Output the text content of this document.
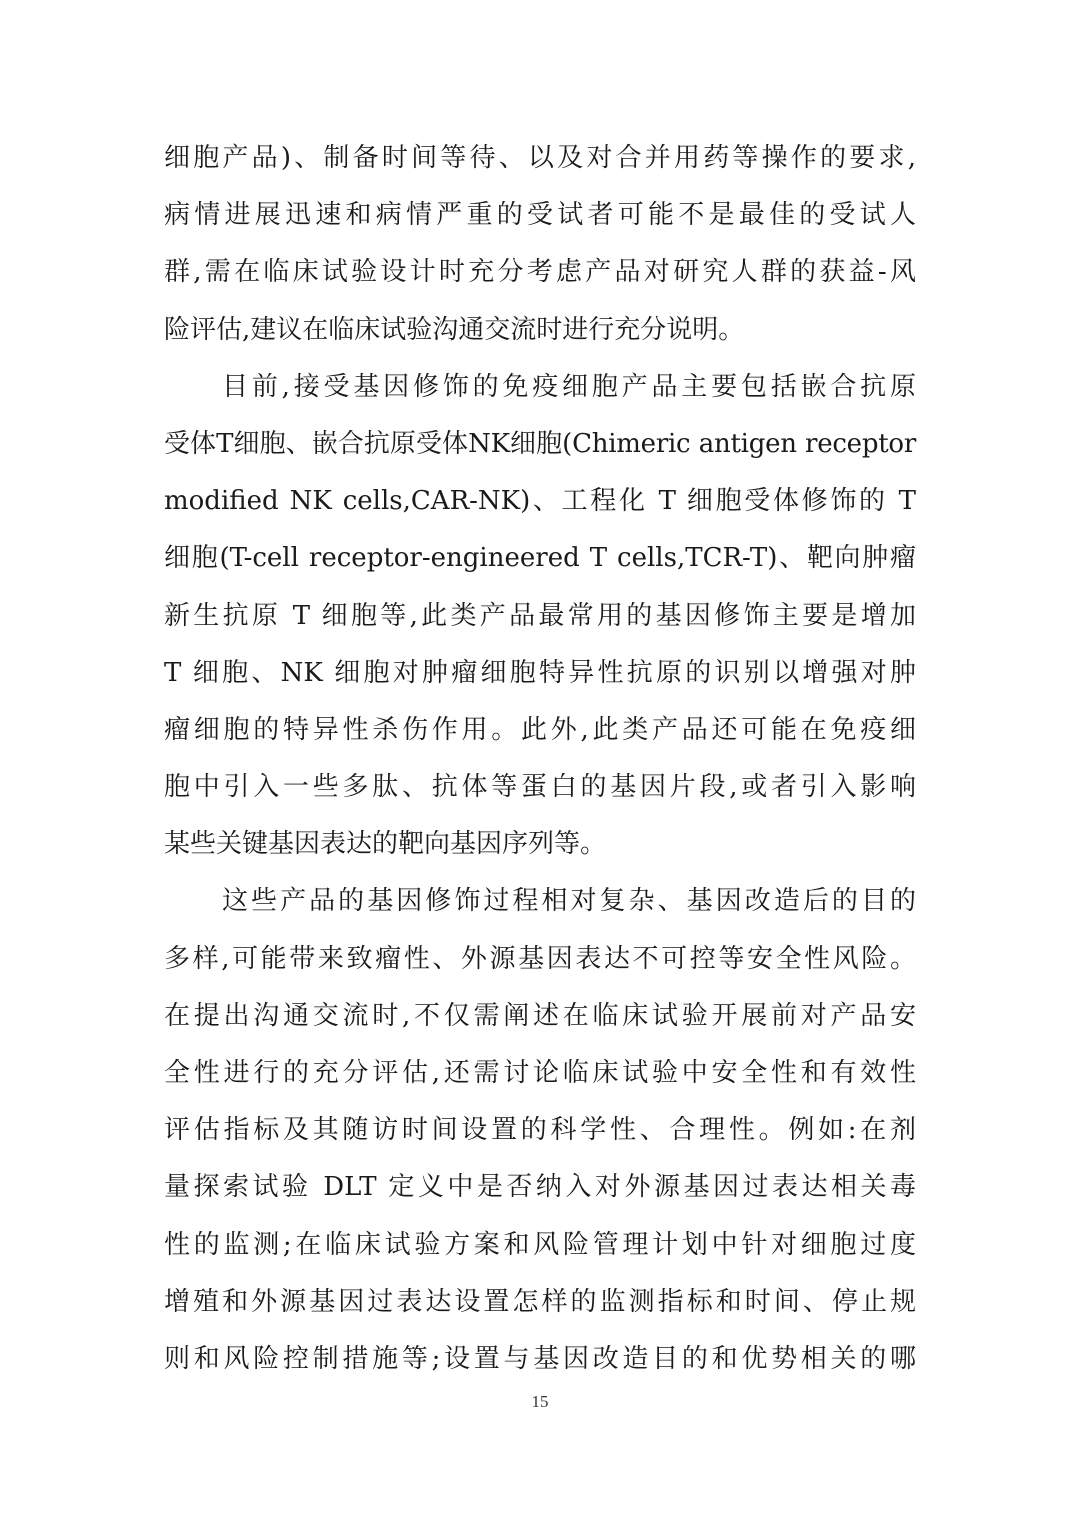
细胞产品)、制备时间等待、以及对合并用药等操作的要求,
病情进展迅速和病情严重的受试者可能不是最佳的受试人
群,需在临床试验设计时充分考虑产品对研究人群的获益-风
险评估,建议在临床试验沟通交流时进行充分说明。
目前,接受基因修饰的免疫细胞产品主要包括嵌合抗原
受体T细胞、嵌合抗原受体NK细胞(Chimeric antigen receptor
modified NK cells,CAR-NK)、工程化 T 细胞受体修饰的 T
细胞(T-cell receptor-engineered T cells,TCR-T)、靶向肿瘤
新生抗原 T 细胞等,此类产品最常用的基因修饰主要是增加
T 细胞、NK 细胞对肿瘤细胞特异性抗原的识别以增强对肿
瘤细胞的特异性杀伤作用。此外,此类产品还可能在免疫细
胞中引入一些多肽、抗体等蛋白的基因片段,或者引入影响
某些关键基因表达的靶向基因序列等。
这些产品的基因修饰过程相对复杂、基因改造后的目的
多样,可能带来致瘤性、外源基因表达不可控等安全性风险。
在提出沟通交流时,不仅需阐述在临床试验开展前对产品安
全性进行的充分评估,还需讨论临床试验中安全性和有效性
评估指标及其随访时间设置的科学性、合理性。例如:在剂
量探索试验 DLT 定义中是否纳入对外源基因过表达相关毒
性的监测;在临床试验方案和风险管理计划中针对细胞过度
增殖和外源基因过表达设置怎样的监测指标和时间、停止规
则和风险控制措施等;设置与基因改造目的和优势相关的哪
15
